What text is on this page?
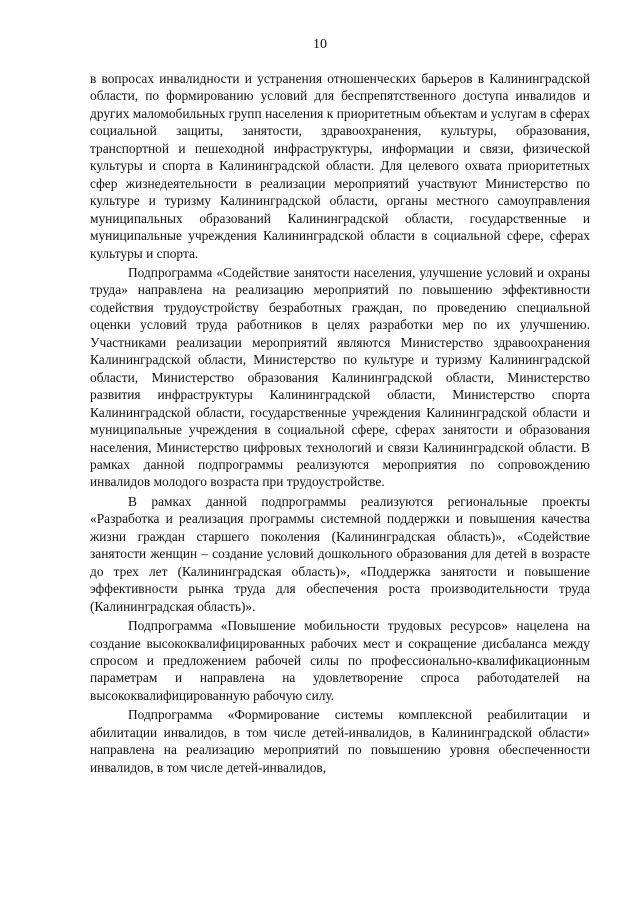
10

в вопросах инвалидности и устранения отношенческих барьеров в Калининградской области, по формированию условий для беспрепятственного доступа инвалидов и других маломобильных групп населения к приоритетным объектам и услугам в сферах социальной защиты, занятости, здравоохранения, культуры, образования, транспортной и пешеходной инфраструктуры, информации и связи, физической культуры и спорта в Калининградской области. Для целевого охвата приоритетных сфер жизнедеятельности в реализации мероприятий участвуют Министерство по культуре и туризму Калининградской области, органы местного самоуправления муниципальных образований Калининградской области, государственные и муниципальные учреждения Калининградской области в социальной сфере, сферах культуры и спорта.

Подпрограмма «Содействие занятости населения, улучшение условий и охраны труда» направлена на реализацию мероприятий по повышению эффективности содействия трудоустройству безработных граждан, по проведению специальной оценки условий труда работников в целях разработки мер по их улучшению. Участниками реализации мероприятий являются Министерство здравоохранения Калининградской области, Министерство по культуре и туризму Калининградской области, Министерство образования Калининградской области, Министерство развития инфраструктуры Калининградской области, Министерство спорта Калининградской области, государственные учреждения Калининградской области и муниципальные учреждения в социальной сфере, сферах занятости и образования населения, Министерство цифровых технологий и связи Калининградской области. В рамках данной подпрограммы реализуются мероприятия по сопровождению инвалидов молодого возраста при трудоустройстве.

В рамках данной подпрограммы реализуются региональные проекты «Разработка и реализация программы системной поддержки и повышения качества жизни граждан старшего поколения (Калининградская область)», «Содействие занятости женщин – создание условий дошкольного образования для детей в возрасте до трех лет (Калининградская область)», «Поддержка занятости и повышение эффективности рынка труда для обеспечения роста производительности труда (Калининградская область)».

Подпрограмма «Повышение мобильности трудовых ресурсов» нацелена на создание высококвалифицированных рабочих мест и сокращение дисбаланса между спросом и предложением рабочей силы по профессионально-квалификационным параметрам и направлена на удовлетворение спроса работодателей на высококвалифицированную рабочую силу.

Подпрограмма «Формирование системы комплексной реабилитации и абилитации инвалидов, в том числе детей-инвалидов, в Калининградской области» направлена на реализацию мероприятий по повышению уровня обеспеченности инвалидов, в том числе детей-инвалидов,
